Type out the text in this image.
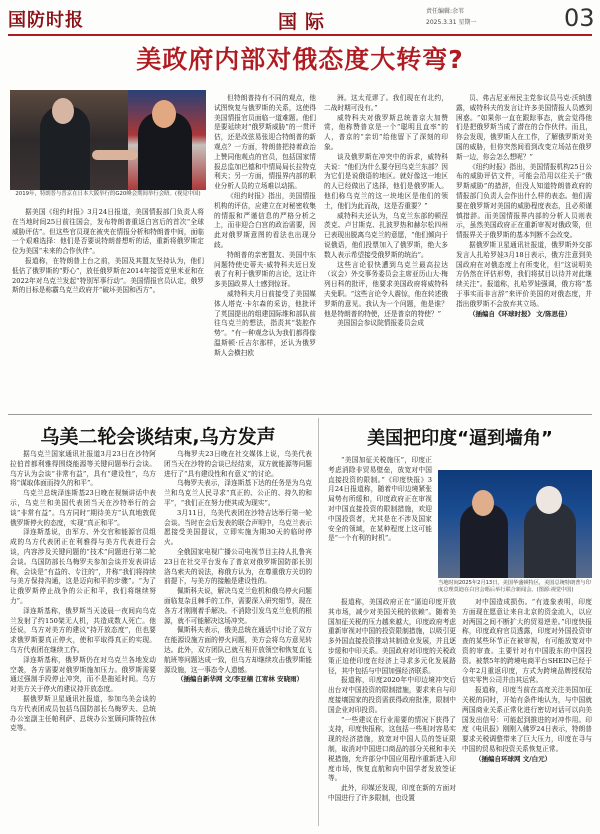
国防时报	国际	责任编辑:余苇
2025.3.31 星期一	03
美政府内部对俄态度大转弯?
2019年，特朗普与普京在日本大阪举行的G20峰会期间举行会晤。(视觉中国)

据美国《纽约时报》3月24日报道，美国情报部门负责人将在当地时间25日前往国会，发布特朗普重返白宫后的首次“全球威胁评估”。但这些官员现在被夹在情报分析和特朗普中间，面临一个艰难选择：他们是否要说特朗普想听的话，重新将俄罗斯定位为美国“未来的合作伙伴”。

报道称，在特朗普上台之前，美国及其盟友坚持认为，他们低估了俄罗斯的“野心”，放任俄罗斯在2014年接管克里米亚和在2022年对乌克兰发起“特别军事行动”。美国情报官员认定，俄罗斯的目标是称霸乌克兰政府并“破坏美国和西方”。

但特朗普持有不同的观点，他试图恢复与俄罗斯的关系，这使得美国情报官员面临一道难题。他们是要延续对“俄罗斯威胁”的一贯评估，还是改弦易张迎合特朗普的新观点？一方面，特朗普把持着政治上赞同他观点的官员，包括国家情报总监加巴德和中情局局长拉特克利夫；另一方面，情报界内部的职业分析人员的立场难以动摇。

《纽约时报》指出，美国情报机构的评估，应建立在对秘密收集的情报和严谨信息的严格分析之上，而非迎合白宫的政治需要，因此对俄罗斯意图的看法也出现分歧。

特朗普的亲密盟友、美国中东问题特使史蒂夫·威特科夫近日发表了有利于俄罗斯的言论，这让许多美国政界人士感到惊讶。

威特科夫月日前接受了美国媒体人塔克·卡尔森的采访，他批评了英国提出的组建国际维和部队前往乌克兰的想法，指责其“装腔作势”。“有一种观念认为我们都得像温斯顿·丘吉尔那样，还认为俄罗斯人会横扫欧

洲。这太荒谬了。我们现在有北约，二战时期可没有。”

威特科夫对俄罗斯总统普京大加赞赏，他称赞普京是一个“聪明且直率”的人，普京的“亲切”给他留下了深刻的印象。

谈及俄罗斯在冲突中的诉求，威特科夫说：“他们为什么要夺回乌克兰东部？因为它们是说俄语的地区。就好像这一地区的人已经做出了选择，他们是俄罗斯人。他们称乌克兰的这一块地区是他们的领土，他们为此而战，这是否重要？”

威特科夫还认为，乌克兰东部的顿涅茨克、卢甘斯克、扎波罗热和赫尔松四州已表现出脱离乌克兰的意愿，“他们倾向于说俄语，他们投票加入了俄罗斯，绝大多数人表示希望接受俄罗斯的统治”。

这些言论很快遭到乌克兰最高拉达（议会）外交事务委员会主席亚历山大·梅列日科的批评，他要求美国政府将威特科夫免职。“这些言论令人震惊，他在转述俄罗斯的意见。我认为一个问题，他是谁？他是特朗普的特使，还是普京的特使？”

美国国会参议院情报委员会成

员、弗吉尼亚州民主党参议员马克·沃纳透露，威特科夫的发言让许多美国情报人员感到困惑。“如果你一直在跟踪事态，就会觉得他们是把俄罗斯当成了潜在的合作伙伴。而且，你会发现，俄罗斯人在工作，了解俄罗斯对美国的威胁，但你突然间看到改变立场站在俄罗斯一边，你会怎么想呢？”

《纽约时报》指出，美国情报机构25日公布的威胁评估文件，可能会沿用以往关于“俄罗斯威胁”的措辞，但没人知道特朗普政府的情报部门负责人会作出什么样的表态。他们需要在俄罗斯对美国的威胁程度表态，且必须谨慎措辞。而美国情报界内部的分析人员则表示，虽然美国政府正在重新审视对俄政策，但情报界关于俄罗斯的基本判断不会改变。

据俄罗斯卫星通讯社报道，俄罗斯外交部发言人扎哈罗娃3月18日表示，俄方注意到美国政府在对俄态度上有所变化，但“这说明美方仍然在评估形势，我们将拭目以待并对此继续关注”。报道称，扎哈罗娃强调，俄方将“基于事实而非言辞”来评价美国的对俄态度，并指出俄罗斯不会放弃其立场。

（插编自《环球时报》 文/陈思佳）

乌美二轮会谈结束,乌方发声

据乌克兰国家通讯社报道3月23日在沙特阿拉伯首都利雅得围绕能源等关键问题举行会谈。乌方认为会谈“非常有益”，具有“建设性”，乌方将“谋取体面而持久的和平”。

乌克兰总统泽连斯基23日晚在视频讲话中表示，乌克兰和美国代表团当天在沙特举行的会谈“非常有益”。乌方同时“期待美方”认真地敦促俄罗斯停火的态度，实现“真正和平”。

泽连斯基说，由军方、外交官和能源官员组成的乌方代表团正在利雅得与美方代表进行会谈，内容涉及关键问题的“技术”问题进行第二轮会谈。乌国防部长乌梅罗夫参加会谈并发表讲话称，会谈是“有益的、专注的”，并称“我们将持续与美方保持沟通，这是迈向和平的步骤”。“为了让俄罗斯停止战争的公正和平，我们将继续努力”。

泽连斯基称，俄罗斯当天凌晨一夜间向乌克兰发射了约150架无人机，共造成数人死亡。他还说，乌方对美方的建议“持开放态度”，但也要求俄罗斯要真正停火，使和平取得真正的实现。乌方代表团在继续工作。

泽连斯基称，俄罗斯仍在对乌克兰各地发动空袭，各方需要对俄罗斯施加压力。俄罗斯需要通过强制手段停止冲突，而不是拖延时间。乌方对美方关于停火的建议持开放态度。

据俄罗斯卫星通讯社报道，参加乌美会谈的乌方代表团成员包括乌国防部长乌梅罗夫、总统办公室副主任帕利萨、总统办公室顾问斯特拉休克等。

乌梅罗夫23日晚在社交媒体上说，乌美代表团当天在沙特的会谈已经结束，双方就能源等问题进行了“具有建设性和有意义”的讨论。

乌梅罗夫表示，泽连斯基下达的任务是为乌克兰和乌克兰人民寻求“真正的、公正的、持久的和平”，“我们正在努力使其成为现实”。

3月11日，乌美代表团在沙特吉达举行第一轮会谈。当时在会后发表的联合声明中，乌克兰表示愿接受美国提议，立即实施为期30天的临时停火。

全俄国家电视广播公司电视节目主持人扎鲁宾23日在社交平台发布了普京对俄罗斯国防部长别洛乌索夫的说法，称俄方认为，在尊重俄方关切的前提下，与美方的接触是建设性的。

佩斯科夫说，解决乌克兰危机和俄乌停火问题面临复杂且棘手的工作，需要深入研究细节，现在各方才刚刚着手解决。不消除引发乌克兰危机的根源，就不可能解决这场冲突。

佩斯科夫表示，俄美总统在通话中讨论了双方在能源设施方面的停火问题，美方会将乌方意见转达。此外，双方团队已就互相开放领空和恢复直飞航班等问题达成一致，但乌方却继续攻击俄罗斯能源设施，这一事态令人遗憾。

（插编自新华网 文/李亚楠 江宥林 安晓雨）

美国把印度“逼到墙角”

“美国加征关税施压”，印度正考虑消除非贸易壁垒，放宽对中国直接投资的限制。”《印度快报》3月24日报道称，随着中印边境紧张局势有所缓和，印度政府正在审视对中国直接投资的限制措施，欢迎中国投资者，尤其是在不涉及国家安全的领域，在某种程度上这可能是“一个有利的时机”。

当地时间2025年2月13日，美国华盛顿特区，美国总统特朗普与印度总理莫迪在白宫会晤后举行联合新闻会。(图源:视觉中国)

报道称，美国政府正在“逼迫印度开放其市场，减少对美国关税的依赖”。随着美国加征关税的压力越来越大，印度政府考虑重新审视对中国的投资限制措施，以吸引更多外国直接投资推动其制造业发展，并且逐步缓和中印关系。美国政府对印度的关税政策正迫使印度在经济上寻求多元化发展路径，其中包括与中国加强经济联系。

报道称，印度2020年中印边境冲突后出台对中国投资的限制措施，要求来自与印度接壤国家的投资需获得政府批准，限制中国企业对印投资。

“一些建议在行业需要的情况下获得了支持，印度快报称，这包括一些相对容易实现的经济措施，放宽对中国人员的签证限制，取消对中国进口商品的部分关税和非关税措施，允许部分中国应用程序重新进入印度市场，恢复直航和向中国学者发放签证等。

此外，印媒还发现，印度在新的方面对中国进行了许多限制，也设置

对中国造成损伤。“有迹象表明，印度方面现在愿意让来自北京的资金流入，以应对两国之间不断扩大的贸易逆差。”印度快报称，印度政府官员透露，印度对外国投资审查的某些环节正在被审视，有可能放宽对中资的审查。主要针对有中国股东的中国投资。被禁5年的跨境电商平台SHEIN已经于今年2月重返印度，方式为跨境品牌授权给信实零售公司并由其运营。

报道称，印度当前在高度关注美国加征关税的同时，开始有条件地认为，与中国就两国商业关系正常化进行密切对话可以向美国发出信号：可能起到推进的对冲作用。印度《电讯报》刚刚入佛罗24日表示，特朗普要求关税调整带来了巨大压力，印度在寻与中国的贸易和投资关系恢复正常。

（插编自环球网 文/白元）
